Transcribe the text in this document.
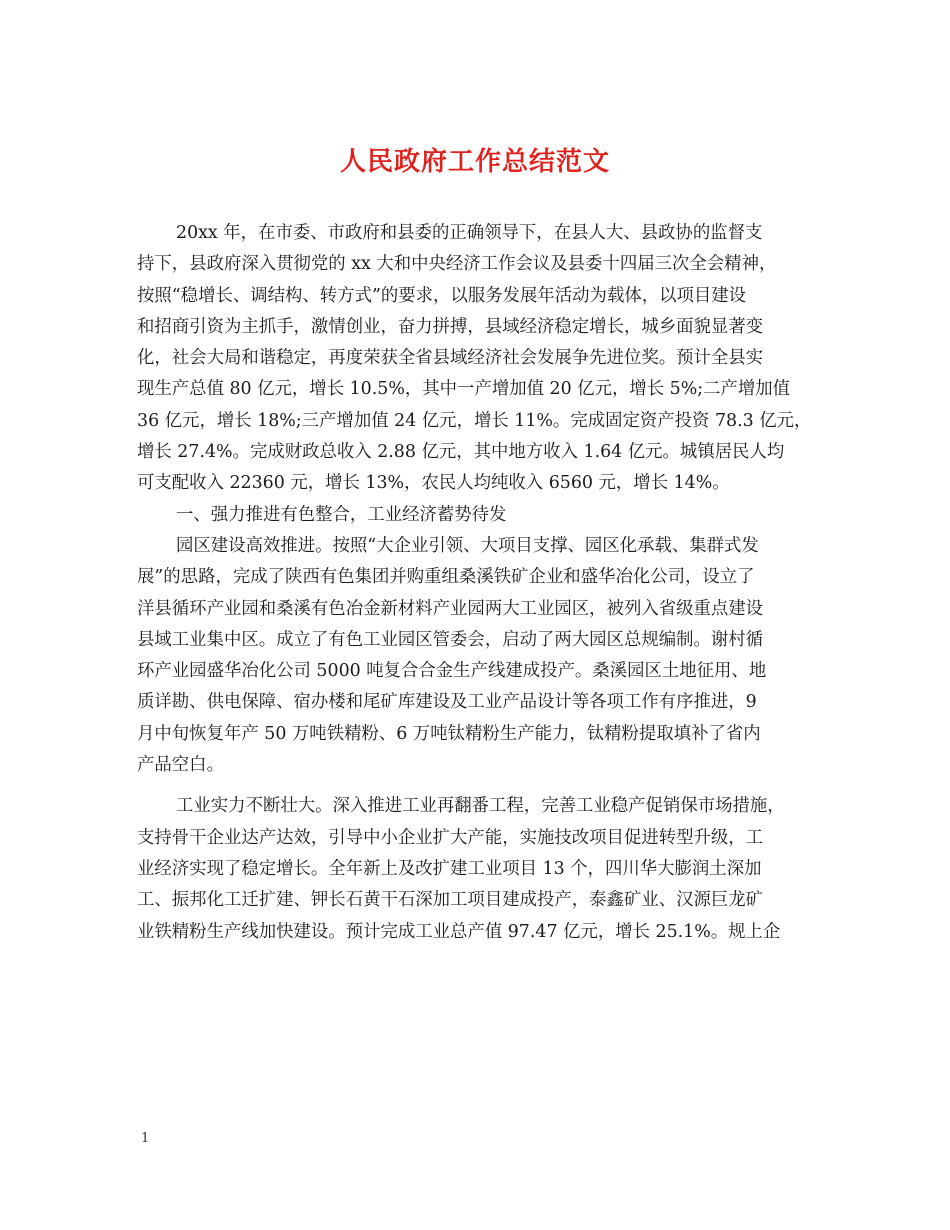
人民政府工作总结范文
20xx 年，在市委、市政府和县委的正确领导下，在县人大、县政协的监督支
持下，县政府深入贯彻党的 xx 大和中央经济工作会议及县委十四届三次全会精神，
按照“稳增长、调结构、转方式”的要求，以服务发展年活动为载体，以项目建设
和招商引资为主抓手，激情创业，奋力拼搏，县域经济稳定增长，城乡面貌显著变
化，社会大局和谐稳定，再度荣获全省县域经济社会发展争先进位奖。预计全县实
现生产总值 80 亿元，增长 10.5%，其中一产增加值 20 亿元，增长 5%;二产增加值
36 亿元，增长 18%;三产增加值 24 亿元，增长 11%。完成固定资产投资 78.3 亿元，
增长 27.4%。完成财政总收入 2.88 亿元，其中地方收入 1.64 亿元。城镇居民人均
可支配收入 22360 元，增长 13%，农民人均纯收入 6560 元，增长 14%。
一、强力推进有色整合，工业经济蓄势待发
园区建设高效推进。按照“大企业引领、大项目支撑、园区化承载、集群式发
展”的思路，完成了陕西有色集团并购重组桑溪铁矿企业和盛华冶化公司，设立了
洋县循环产业园和桑溪有色冶金新材料产业园两大工业园区，被列入省级重点建设
县域工业集中区。成立了有色工业园区管委会，启动了两大园区总规编制。谢村循
环产业园盛华冶化公司 5000 吨复合合金生产线建成投产。桑溪园区土地征用、地
质详勘、供电保障、宿办楼和尾矿库建设及工业产品设计等各项工作有序推进，9
月中旬恢复年产 50 万吨铁精粉、6 万吨钛精粉生产能力，钛精粉提取填补了省内
产品空白。
工业实力不断壮大。深入推进工业再翻番工程，完善工业稳产促销保市场措施，
支持骨干企业达产达效，引导中小企业扩大产能，实施技改项目促进转型升级，工
业经济实现了稳定增长。全年新上及改扩建工业项目 13 个，四川华大膨润土深加
工、振邦化工迁扩建、钾长石黄干石深加工项目建成投产，泰鑫矿业、汉源巨龙矿
业铁精粉生产线加快建设。预计完成工业总产值 97.47 亿元，增长 25.1%。规上企
1
